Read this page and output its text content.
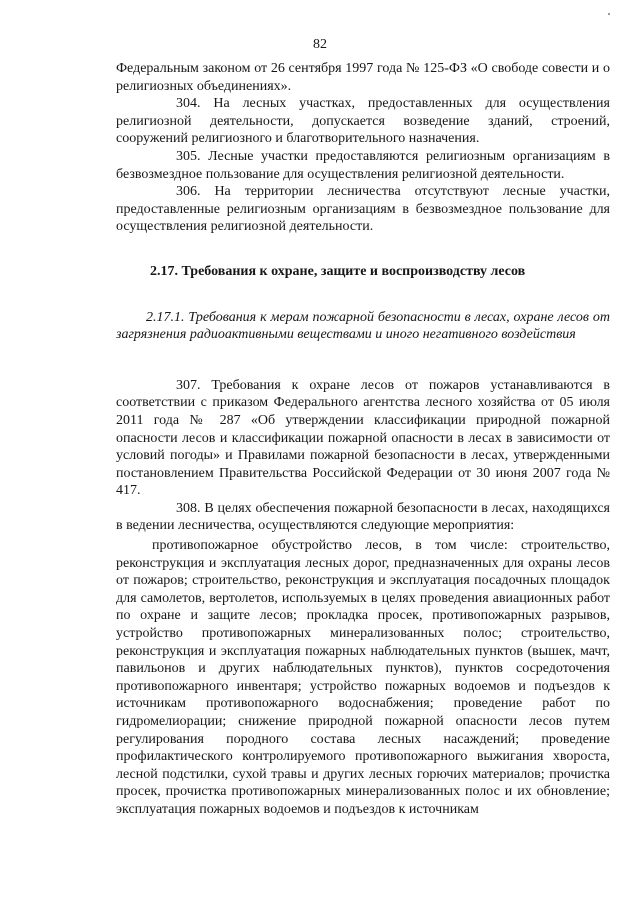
82

Федеральным законом от 26 сентября 1997 года № 125-ФЗ «О свободе совести и о религиозных объединениях».

304. На лесных участках, предоставленных для осуществления религиозной деятельности, допускается возведение зданий, строений, сооружений религиозного и благотворительного назначения.

305. Лесные участки предоставляются религиозным организациям в безвозмездное пользование для осуществления религиозной деятельности.

306. На территории лесничества отсутствуют лесные участки, предоставленные религиозным организациям в безвозмездное пользование для осуществления религиозной деятельности.

2.17. Требования к охране, защите и воспроизводству лесов

2.17.1. Требования к мерам пожарной безопасности в лесах, охране лесов от загрязнения радиоактивными веществами и иного негативного воздействия

307. Требования к охране лесов от пожаров устанавливаются в соответствии с приказом Федерального агентства лесного хозяйства от 05 июля 2011 года № 287 «Об утверждении классификации природной пожарной опасности лесов и классификации пожарной опасности в лесах в зависимости от условий погоды» и Правилами пожарной безопасности в лесах, утвержденными постановлением Правительства Российской Федерации от 30 июня 2007 года № 417.

308. В целях обеспечения пожарной безопасности в лесах, находящихся в ведении лесничества, осуществляются следующие мероприятия:

противопожарное обустройство лесов, в том числе: строительство, реконструкция и эксплуатация лесных дорог, предназначенных для охраны лесов от пожаров; строительство, реконструкция и эксплуатация посадочных площадок для самолетов, вертолетов, используемых в целях проведения авиационных работ по охране и защите лесов; прокладка просек, противопожарных разрывов, устройство противопожарных минерализованных полос; строительство, реконструкция и эксплуатация пожарных наблюдательных пунктов (вышек, мачт, павильонов и других наблюдательных пунктов), пунктов сосредоточения противопожарного инвентаря; устройство пожарных водоемов и подъездов к источникам противопожарного водоснабжения; проведение работ по гидромелиорации; снижение природной пожарной опасности лесов путем регулирования породного состава лесных насаждений; проведение профилактического контролируемого противопожарного выжигания хвороста, лесной подстилки, сухой травы и других лесных горючих материалов; прочистка просек, прочистка противопожарных минерализованных полос и их обновление; эксплуатация пожарных водоемов и подъездов к источникам
